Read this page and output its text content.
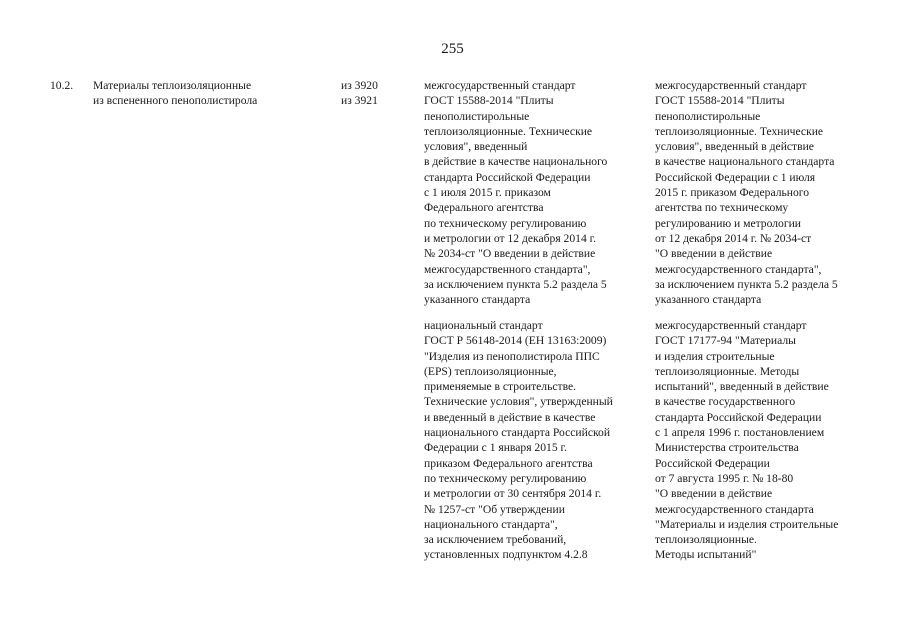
255
10.2. Материалы теплоизоляционные
из вспененного пенополистирола
из 3920
из 3921
межгосударственный стандарт
ГОСТ 15588-2014 "Плиты
пенополистирольные
теплоизоляционные. Технические
условия", введенный
в действие в качестве национального
стандарта Российской Федерации
с 1 июля 2015 г. приказом
Федерального агентства
по техническому регулированию
и метрологии от 12 декабря 2014 г.
№ 2034-ст "О введении в действие
межгосударственного стандарта",
за исключением пункта 5.2 раздела 5
указанного стандарта
межгосударственный стандарт
ГОСТ 15588-2014 "Плиты
пенополистирольные
теплоизоляционные. Технические
условия", введенный в действие
в качестве национального стандарта
Российской Федерации с 1 июля
2015 г. приказом Федерального
агентства по техническому
регулированию и метрологии
от 12 декабря 2014 г. № 2034-ст
"О введении в действие
межгосударственного стандарта",
за исключением пункта 5.2 раздела 5
указанного стандарта
национальный стандарт
ГОСТ Р 56148-2014 (ЕН 13163:2009)
"Изделия из пенополистирола ППС
(EPS) теплоизоляционные,
применяемые в строительстве.
Технические условия", утвержденный
и введенный в действие в качестве
национального стандарта Российской
Федерации с 1 января 2015 г.
приказом Федерального агентства
по техническому регулированию
и метрологии от 30 сентября 2014 г.
№ 1257-ст "Об утверждении
национального стандарта",
за исключением требований,
установленных подпунктом 4.2.8
межгосударственный стандарт
ГОСТ 17177-94 "Материалы
и изделия строительные
теплоизоляционные. Методы
испытаний", введенный в действие
в качестве государственного
стандарта Российской Федерации
с 1 апреля 1996 г. постановлением
Министерства строительства
Российской Федерации
от 7 августа 1995 г. № 18-80
"О введении в действие
межгосударственного стандарта
"Материалы и изделия строительные
теплоизоляционные.
Методы испытаний"
